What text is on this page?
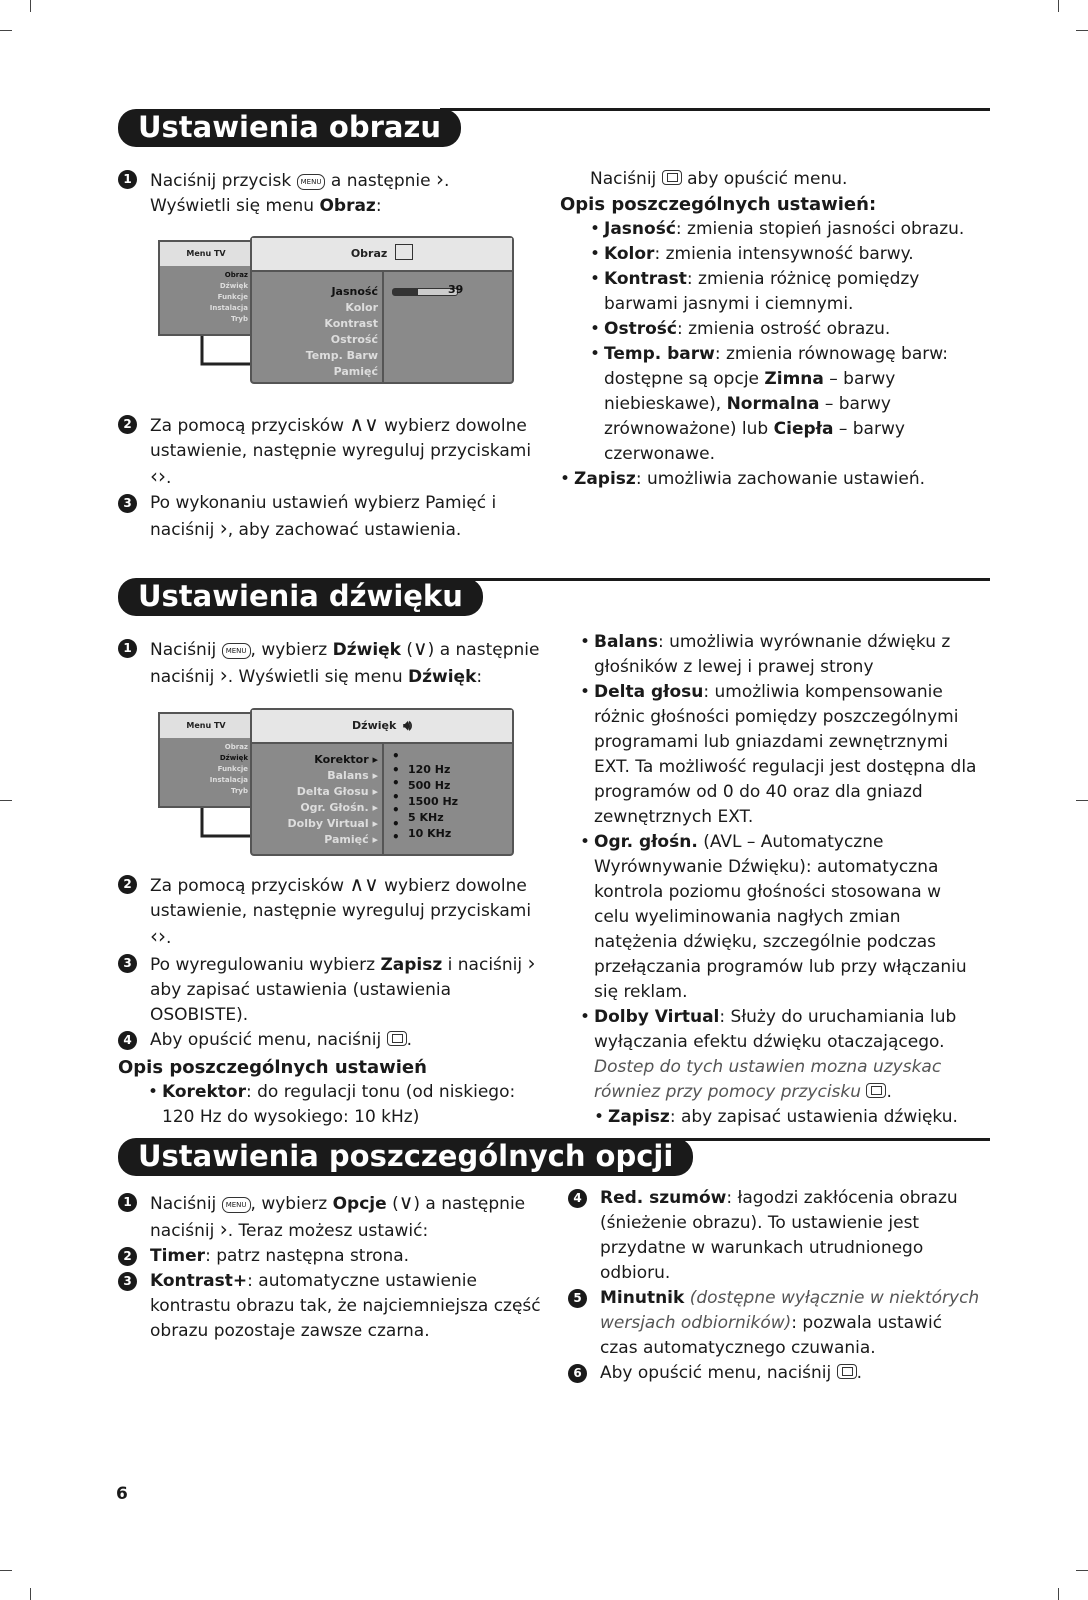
Ustawienia obrazu
1	Naciśnij przycisk MENU a następnie ›.
Wyświetli się menu Obraz:
Menu TV
Obraz
Dźwięk
Funkcje
Instalacja
Tryb
Obraz
Jasność
Kolor
Kontrast
Ostrość
Temp. Barw
Pamięć
39
2	Za pomocą przycisków ∧∨ wybierz dowolne ustawienie, następnie wyreguluj przyciskami ‹›.
3	Po wykonaniu ustawień wybierz Pamięć i naciśnij ›, aby zachować ustawienia.

Naciśnij aby opuścić menu.

Opis poszczególnych ustawień:

• Jasność: zmienia stopień jasności obrazu.
• Kolor: zmienia intensywność barwy.
• Kontrast: zmienia różnicę pomiędzy barwami jasnymi i ciemnymi.
• Ostrość: zmienia ostrość obrazu.
• Temp. barw: zmienia równowagę barw: dostępne są opcje Zimna – barwy niebieskawe), Normalna – barwy zrównoważone) lub Ciepła – barwy czerwonawe.
• Zapisz: umożliwia zachowanie ustawień.
Ustawienia dźwięku
1	Naciśnij MENU , wybierz Dźwięk (∨) a następnie naciśnij ›. Wyświetli się menu Dźwięk:
Menu TV
Obraz
Dźwięk
Funkcje
Instalacja
Tryb
Dźwięk 🔊︎
Korektor ▸
Balans ▸
Delta Głosu ▸
Ogr. Głośn. ▸
Dolby Virtual ▸
Pamięć ▸
•
•
•
•
•
•
•
120 Hz
500 Hz
1500 Hz
5 KHz
10 KHz
2	Za pomocą przycisków ∧∨ wybierz dowolne ustawienie, następnie wyreguluj przyciskami ‹›.
3	Po wyregulowaniu wybierz Zapisz i naciśnij › aby zapisać ustawienia (ustawienia OSOBISTE).
4	Aby opuścić menu, naciśnij .

Opis poszczególnych ustawień

• Korektor: do regulacji tonu (od niskiego: 120 Hz do wysokiego: 10 kHz)
• Balans: umożliwia wyrównanie dźwięku z głośników z lewej i prawej strony
• Delta głosu: umożliwia kompensowanie różnic głośności pomiędzy poszczególnymi programami lub gniazdami zewnętrznymi EXT. Ta możliwość regulacji jest dostępna dla programów od 0 do 40 oraz dla gniazd zewnętrznych EXT.
• Ogr. głośn. (AVL – Automatyczne Wyrównywanie Dźwięku): automatyczna kontrola poziomu głośności stosowana w celu wyeliminowania nagłych zmian natężenia dźwięku, szczególnie podczas przełączania programów lub przy włączaniu się reklam.
• Dolby Virtual: Służy do uruchamiania lub wyłączania efektu dźwięku otaczającego. Dostep do tych ustawien mozna uzyskac równiez przy pomocy przycisku .
• Zapisz: aby zapisać ustawienia dźwięku.
Ustawienia poszczególnych opcji
1	Naciśnij MENU , wybierz Opcje (∨) a następnie naciśnij ›. Teraz możesz ustawić:
2	Timer: patrz następna strona.
3	Kontrast+: automatyczne ustawienie kontrastu obrazu tak, że najciemniejsza część obrazu pozostaje zawsze czarna.
4	Red. szumów: łagodzi zakłócenia obrazu (śnieżenie obrazu). To ustawienie jest przydatne w warunkach utrudnionego odbioru.
5	Minutnik (dostępne wyłącznie w niektórych wersjach odbiorników): pozwala ustawić czas automatycznego czuwania.
6	Aby opuścić menu, naciśnij .
6
